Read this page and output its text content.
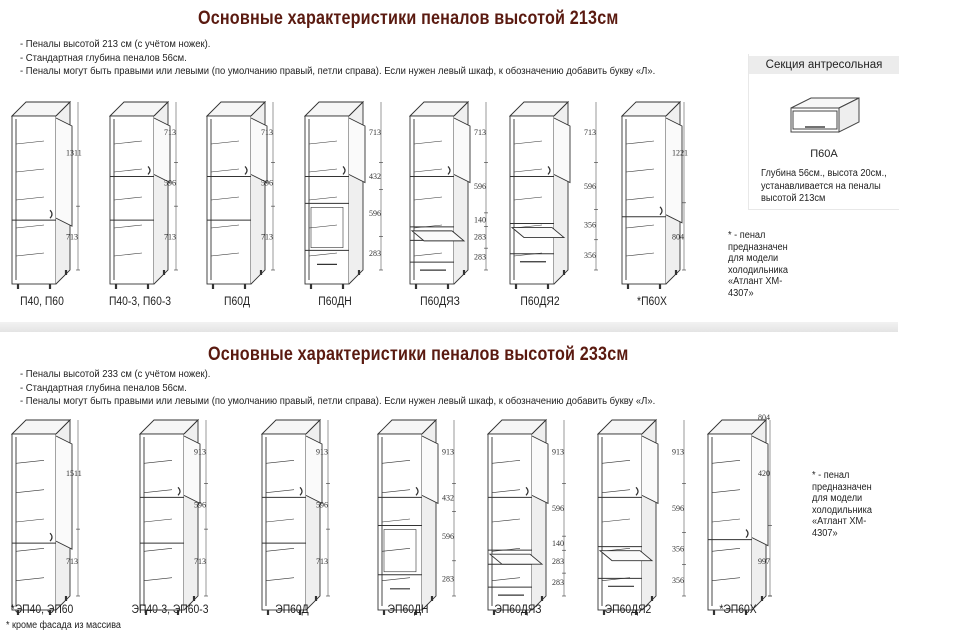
Основные характеристики пеналов высотой 213см
- Пеналы высотой 213 см (с учётом ножек).
- Стандартная глубина пеналов 56см.
- Пеналы могут быть правыми или левыми (по умолчанию правый, петли справа). Если нужен левый шкаф, к обозначению добавить букву «Л».	Секция антресольная
П60А
Глубина 56см., высота 20см., устанавливается на пеналы высотой 213см
1311
713
П40, П60
713
596
713
П40-3, П60-3
713
596
713
П60Д
713
432
596
283
П60ДН
713
596
140
283
283
П60ДЯЗ
713
596
356
356
П60ДЯ2
1221
804
*П60Х
* - пенал
предназначен
для модели
холодильника
«Атлант ХМ-
4307»
Основные характеристики пеналов высотой 233см
- Пеналы высотой 233 см (с учётом ножек).
- Стандартная глубина пеналов 56см.
- Пеналы могут быть правыми или левыми (по умолчанию правый, петли справа). Если нужен левый шкаф, к обозначению добавить букву «Л».
1511
713
*ЭП40, ЭП60
913
596
713
ЭП40-3, ЭП60-3
913
596
713
ЭП60Д
913
432
596
283
ЭП60ДН
913
596
140
283
283
ЭП60ДЯЗ
913
596
356
356
ЭП60ДЯ2
420
997
804
*ЭП60Х
* - пенал
предназначен
для модели
холодильника
«Атлант ХМ-
4307»
* кроме фасада из массива
